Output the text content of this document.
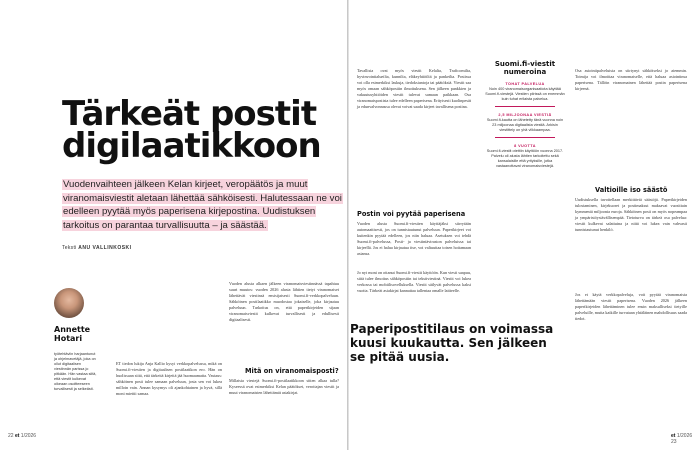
Tärkeät postit digilaatikkoon

Vuodenvaihteen jälkeen Kelan kirjeet, veropäätös ja muut viranomaisviestit aletaan lähettää sähköisesti. Halutessaan ne voi edelleen pyytää myös paperisena kirjepostina. Uudistuksen tarkoitus on parantaa turvallisuutta – ja säästää.

Teksti ANU VALLINKOSKI
Annette Hotari

työtehtäviin harjaantunut ja ohjelmavetäjä, joka on ollut digitaalisen viestinnän parissa jo pitkään. Hän vastaa siitä, että viestit kulkevat oikeaan osoitteeseen turvallisesti ja selkeästi.

ET tiedon lukija Anja Kallio kysyi verkkopalvelussa, mikä on Suomi.fi-viestien ja digitaalisen postilaatikon ero. Hän on huolissaan siitä, että tärkeitä kirjeitä jää huomaamatta. Vastaus: sähköinen posti tulee samaan palveluun, josta sen voi lukea milloin vain. Annan kysymys oli ajankohtainen ja hyvä, sillä moni miettii samaa.

Vuoden alusta alkaen jälkeen viranomaisviestinnässä tapahtuu suuri muutos: vuoden 2026 alusta lähtien tietyt viranomaiset lähettävät viestinsä ensisijaisesti Suomi.fi-verkkopalveluun. Sähköinen postilaatikko muodostaa jokaiselle, joka kirjautuu palveluun. Tarkoitus on, että paperikirjeiden sijaan viranomaisviestit kulkevat turvallisesti ja edullisesti digitaalisesti.

Mitä on viranomaisposti?

Millaisia viestejä Suomi.fi-postilaatikkoon sitten alkaa tulla? Kyseessä ovat esimerkiksi Kelan päätökset, verottajan viestit ja muut viranomaisten lähettämät asiakirjat.

22 et 1/2026

Tavallisia ovat myös viestit Kelalta, Traficomilta, hyvinvointialueilta, kunnilta, eläkeyhtiöiltä ja pankeilta. Postissa voi olla esimerkiksi laskuja, tiedoksiantoja tai päätöksiä. Viestit saa myös omaan sähköpostiin ilmoituksena. Sen jälkeen pankkien ja vakuutusyhtiöiden viestit tulevat samaan paikkaan. Osa viranomaispostista tulee edelleen paperisena. Erityisesti kuolinpesät ja edunvalvonnassa olevat voivat saada kirjeet tavallisena postina.

Postin voi pyytää paperisena

Vuoden alusta Suomi.fi-viestien käyttäjäksi siirrytään automaattisesti, jos on tunnistautunut palveluun. Paperikirjeet voi kuitenkin pyytää edelleen, jos niin haluaa. Asetuksen voi tehdä Suomi.fi-palvelussa, Posti- ja viestintäviraston palveluissa tai kirjeellä. Jos ei halua kirjautua itse, voi valtuuttaa toisen hoitamaan asiansa.

Jo nyt moni on ottanut Suomi.fi-viestit käyttöön. Kun viesti saapuu, siitä tulee ilmoitus sähköpostiin tai tekstiviestinä. Viestit voi lukea verkossa tai mobiilisovelluksella. Viestit säilyvät palvelussa kaksi vuotta. Tärkeät asiakirjat kannattaa tallentaa omalle laitteelle.

Osa asiointipalveluista on siirtynyt sähköiseksi jo aiemmin. Toimija voi ilmoittaa viranomaiselle, että haluaa asiointinsa paperisena. Tällöin viranomainen lähettää postin paperisena kirjeenä.

Valtioille iso säästö

Uudistuksella tavoitellaan merkittäviä säästöjä. Paperikirjeiden tulostaminen, kirjekuoret ja postimaksut maksavat vuosittain kymmeniä miljoonia euroja. Sähköinen posti on myös nopeampaa ja ympäristöystävällisempää. Tietoturva on tärkeä osa palvelua: viestit kulkevat salattuina ja niitä voi lukea vain vahvasti tunnistautunut henkilö.

Jos et käytä verkkopalveluja, voit pyytää viranomaista lähettämään viestit paperisena. Vuoden 2026 jälkeen paperikirjeiden lähettäminen tulee ensin maksulliseksi tietyille palveluille, mutta kaikille turvataan yhtäläinen mahdollisuus saada tiedot.

et 1/2026 23
Suomi.fi-viestit numeroina
TOHAT PALVELUA

Noin 400 viranomaisorganisaatiota käyttää Suomi.fi-viestejä. Viestien piirissä on enemmän kuin tuhat erilaista palvelua.

2,5 MILJOONAA VIESTIÄ

Suomi.fi-kautta on lähetetty tänä vuonna noin 23 miljoonaa digitaalista viestiä. Arkisin viestittely on yhä vilkkaampaa.

8 VUOTTA

Suomi.fi-viestit otettiin käyttöön vuonna 2017. Palvelu oli alusta lähtien tarkoitettu sekä kansalaisille että yrityksille, jotka vastaanottavat viranomaisviestejä.

Paperipostitilaus on voimassa kuusi kuukautta. Sen jälkeen se pitää uusia.
